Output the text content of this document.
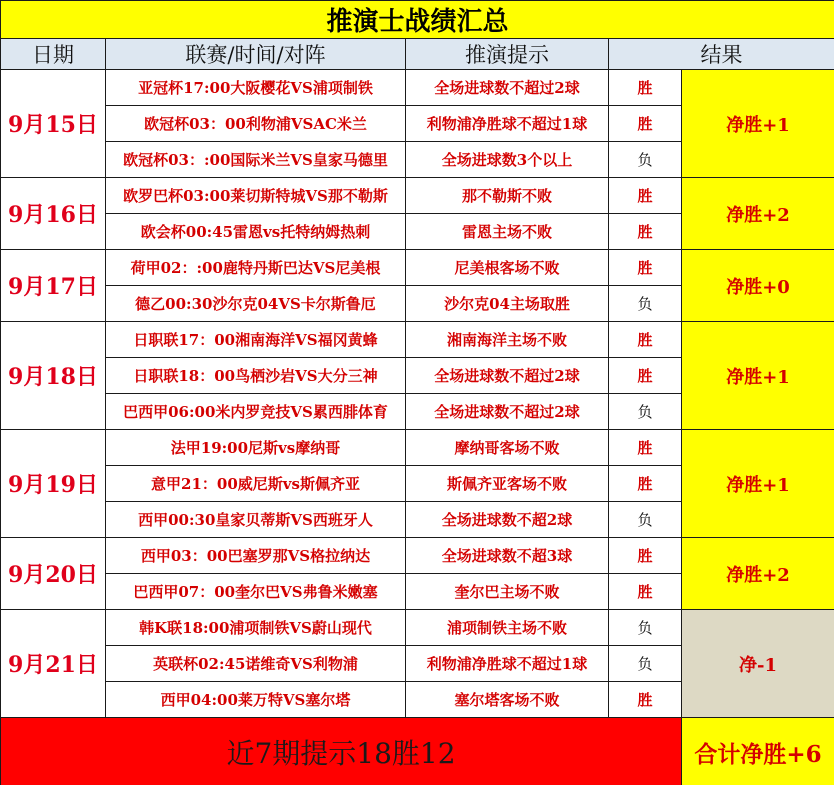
推演士战绩汇总				
日期	联赛/时间/对阵	推演提示	结果	
9月15日	亚冠杯17:00大阪樱花VS浦项制铁	全场进球数不超过2球	胜	净胜+1
	欧冠杯03：00利物浦VSAC米兰	利物浦净胜球不超过1球	胜	
	欧冠杯03：:00国际米兰VS皇家马德里	全场进球数3个以上	负	
9月16日	欧罗巴杯03:00莱切斯特城VS那不勒斯	那不勒斯不败	胜	净胜+2
	欧会杯00:45雷恩vs托特纳姆热刺	雷恩主场不败	胜	
9月17日	荷甲02：:00鹿特丹斯巴达VS尼美根	尼美根客场不败	胜	净胜+0
	德乙00:30沙尔克04VS卡尔斯鲁厄	沙尔克04主场取胜	负	
9月18日	日职联17：00湘南海洋VS福冈黄蜂	湘南海洋主场不败	胜	净胜+1
	日职联18：00鸟栖沙岩VS大分三神	全场进球数不超过2球	胜	
	巴西甲06:00米内罗竞技VS累西腓体育	全场进球数不超过2球	负	
9月19日	法甲19:00尼斯vs摩纳哥	摩纳哥客场不败	胜	净胜+1
	意甲21：00威尼斯vs斯佩齐亚	斯佩齐亚客场不败	胜	
	西甲00:30皇家贝蒂斯VS西班牙人	全场进球数不超2球	负	
9月20日	西甲03：00巴塞罗那VS格拉纳达	全场进球数不超3球	胜	净胜+2
	巴西甲07：00奎尔巴VS弗鲁米嫩塞	奎尔巴主场不败	胜	
9月21日	韩K联18:00浦项制铁VS蔚山现代	浦项制铁主场不败	负	净-1
	英联杯02:45诺维奇VS利物浦	利物浦净胜球不超过1球	负	
	西甲04:00莱万特VS塞尔塔	塞尔塔客场不败	胜	
近7期提示18胜12				合计净胜+6
